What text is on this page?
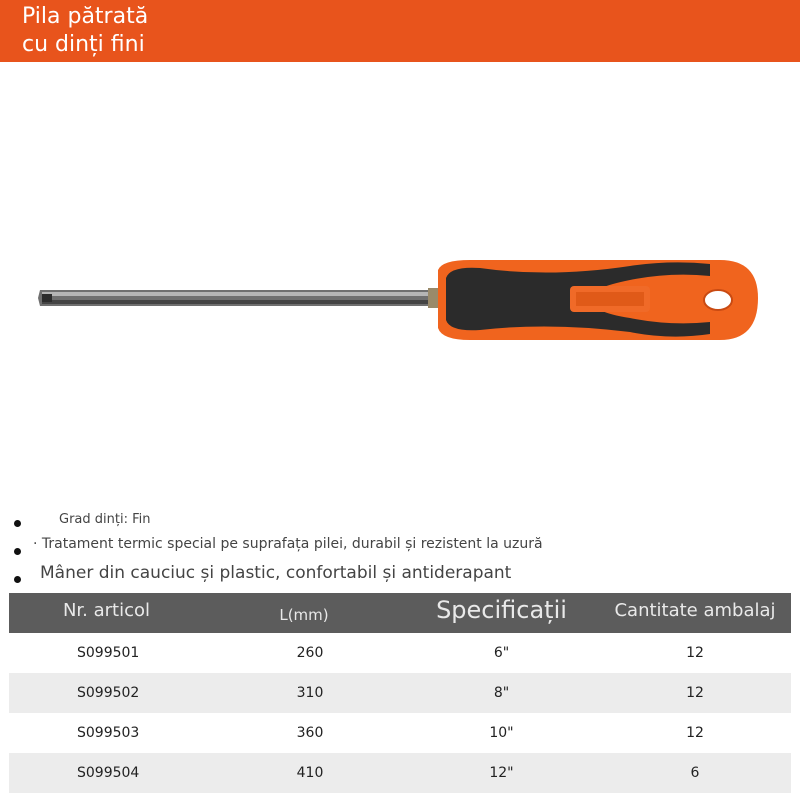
Pila pătrată
cu dinți fini
Grad dinți: Fin
· Tratament termic special pe suprafața pilei, durabil și rezistent la uzură
Mâner din cauciuc și plastic, confortabil și antiderapant
Nr. articol	L(mm)	Specificații	Cantitate ambalaj
S099501	260	6"	12
S099502	310	8"	12
S099503	360	10"	12
S099504	410	12"	6
